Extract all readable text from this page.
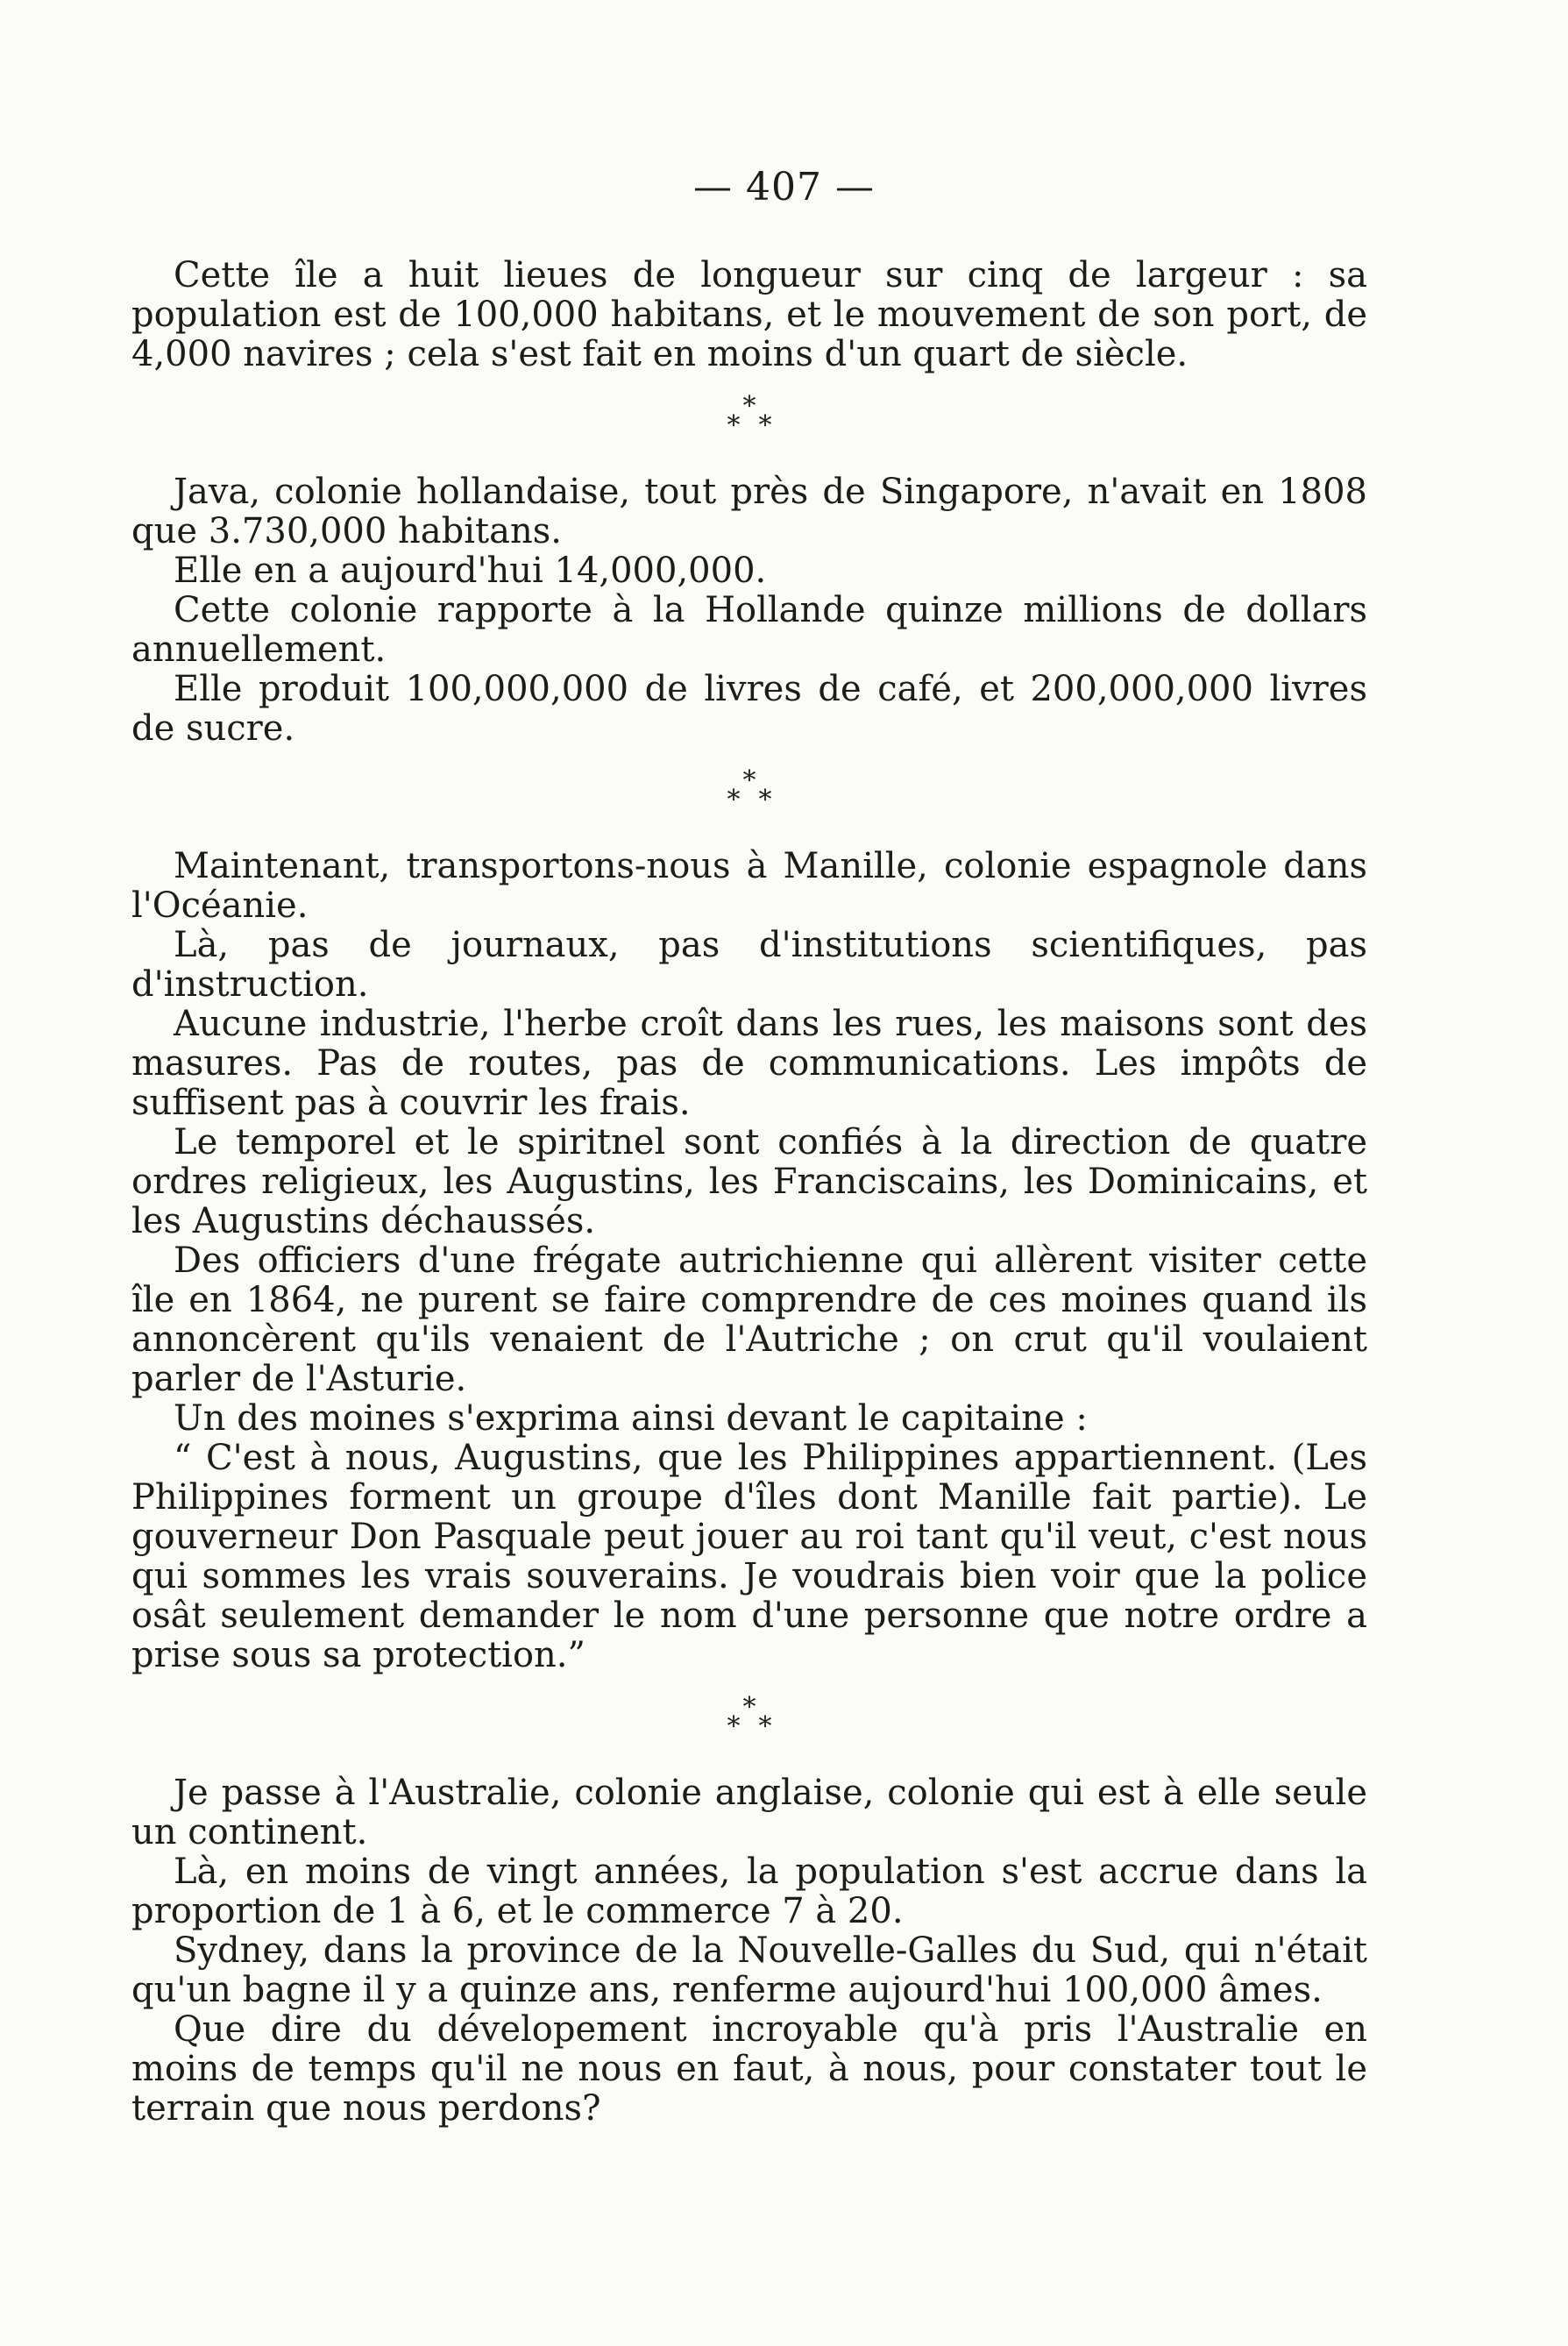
— 407 —

Cette île a huit lieues de longueur sur cinq de largeur : sa population est de 100,000 habitans, et le mouvement de son port, de 4,000 navires ; cela s'est fait en moins d'un quart de siècle.

*
* *

Java, colonie hollandaise, tout près de Singapore, n'avait en 1808 que 3.730,000 habitans.

Elle en a aujourd'hui 14,000,000.

Cette colonie rapporte à la Hollande quinze millions de dollars annuellement.

Elle produit 100,000,000 de livres de café, et 200,000,000 livres de sucre.

*
* *

Maintenant, transportons-nous à Manille, colonie espagnole dans l'Océanie.

Là, pas de journaux, pas d'institutions scientifiques, pas d'instruction.

Aucune industrie, l'herbe croît dans les rues, les maisons sont des masures. Pas de routes, pas de communications. Les impôts de suffisent pas à couvrir les frais.

Le temporel et le spiritnel sont confiés à la direction de quatre ordres religieux, les Augustins, les Franciscains, les Dominicains, et les Augustins déchaussés.

Des officiers d'une frégate autrichienne qui allèrent visiter cette île en 1864, ne purent se faire comprendre de ces moines quand ils annoncèrent qu'ils venaient de l'Autriche ; on crut qu'il voulaient parler de l'Asturie.

Un des moines s'exprima ainsi devant le capitaine :

“ C'est à nous, Augustins, que les Philippines appartiennent. (Les Philippines forment un groupe d'îles dont Manille fait partie). Le gouverneur Don Pasquale peut jouer au roi tant qu'il veut, c'est nous qui sommes les vrais souverains. Je voudrais bien voir que la police osât seulement demander le nom d'une personne que notre ordre a prise sous sa protection.”

*
* *

Je passe à l'Australie, colonie anglaise, colonie qui est à elle seule un continent.

Là, en moins de vingt années, la population s'est accrue dans la proportion de 1 à 6, et le commerce 7 à 20.

Sydney, dans la province de la Nouvelle-Galles du Sud, qui n'était qu'un bagne il y a quinze ans, renferme aujourd'hui 100,000 âmes.

Que dire du dévelopement incroyable qu'à pris l'Australie en moins de temps qu'il ne nous en faut, à nous, pour constater tout le terrain que nous perdons?
